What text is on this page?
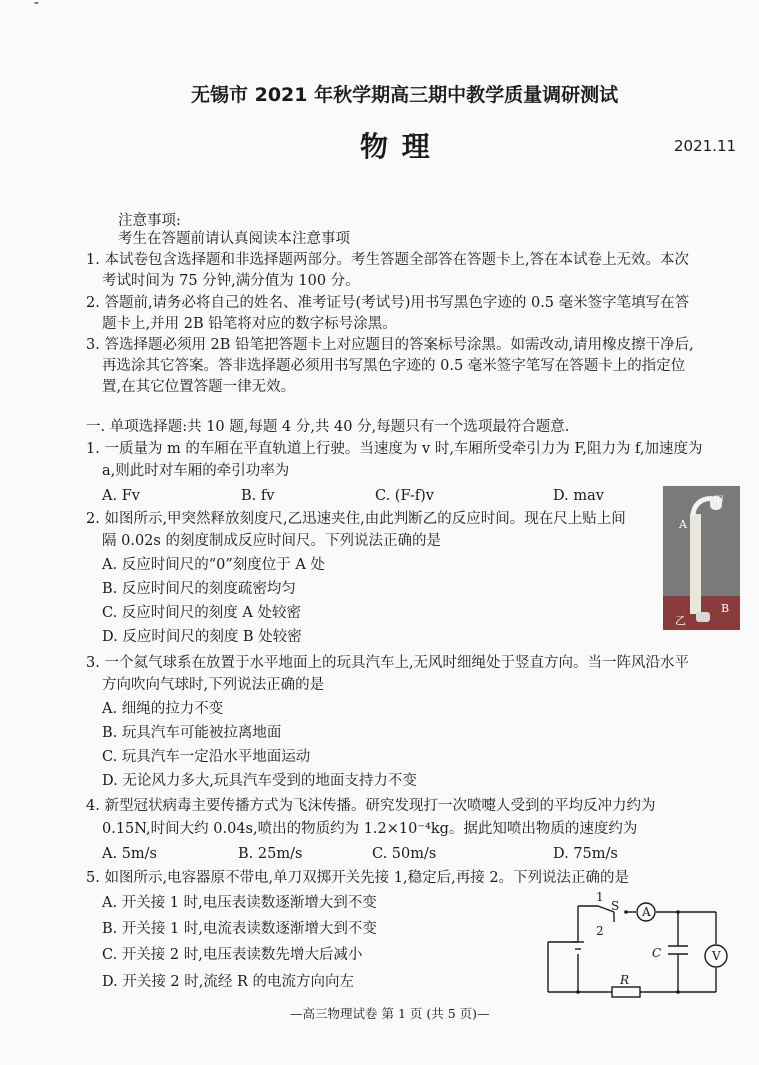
-
无锡市 2021 年秋学期高三期中教学质量调研测试
物 理	2021.11
注意事项:
考生在答题前请认真阅读本注意事项
1. 本试卷包含选择题和非选择题两部分。考生答题全部答在答题卡上,答在本试卷上无效。本次
考试时间为 75 分钟,满分值为 100 分。
2. 答题前,请务必将自己的姓名、准考证号(考试号)用书写黑色字迹的 0.5 毫米签字笔填写在答
题卡上,并用 2B 铅笔将对应的数字标号涂黑。
3. 答选择题必须用 2B 铅笔把答题卡上对应题目的答案标号涂黑。如需改动,请用橡皮擦干净后,
再选涂其它答案。答非选择题必须用书写黑色字迹的 0.5 毫米签字笔写在答题卡上的指定位
置,在其它位置答题一律无效。
一. 单项选择题:共 10 题,每题 4 分,共 40 分,每题只有一个选项最符合题意.
1. 一质量为 m 的车厢在平直轨道上行驶。当速度为 v 时,车厢所受牵引力为 F,阻力为 f,加速度为
a,则此时对车厢的牵引功率为
A. Fv	B. fv	C. (F-f)v	D. mav
2. 如图所示,甲突然释放刻度尺,乙迅速夹住,由此判断乙的反应时间。现在尺上贴上间
隔 0.02s 的刻度制成反应时间尺。下列说法正确的是
A. 反应时间尺的“0”刻度位于 A 处
B. 反应时间尺的刻度疏密均匀
C. 反应时间尺的刻度 A 处较密
D. 反应时间尺的刻度 B 处较密
甲
A
B
乙
3. 一个氦气球系在放置于水平地面上的玩具汽车上,无风时细绳处于竖直方向。当一阵风沿水平
方向吹向气球时,下列说法正确的是
A. 细绳的拉力不变
B. 玩具汽车可能被拉离地面
C. 玩具汽车一定沿水平地面运动
D. 无论风力多大,玩具汽车受到的地面支持力不变
4. 新型冠状病毒主要传播方式为飞沫传播。研究发现打一次喷嚏人受到的平均反冲力约为
0.15N,时间大约 0.04s,喷出的物质约为 1.2×10⁻⁴kg。据此知喷出物质的速度约为
A. 5m/s	B. 25m/s	C. 50m/s	D. 75m/s
5. 如图所示,电容器原不带电,单刀双掷开关先接 1,稳定后,再接 2。下列说法正确的是
A. 开关接 1 时,电压表读数逐渐增大到不变
B. 开关接 1 时,电流表读数逐渐增大到不变
C. 开关接 2 时,电压表读数先增大后减小
D. 开关接 2 时,流经 R 的电流方向向左
1
S
2
A
C	V
R
—高三物理试卷 第 1 页 (共 5 页)—
